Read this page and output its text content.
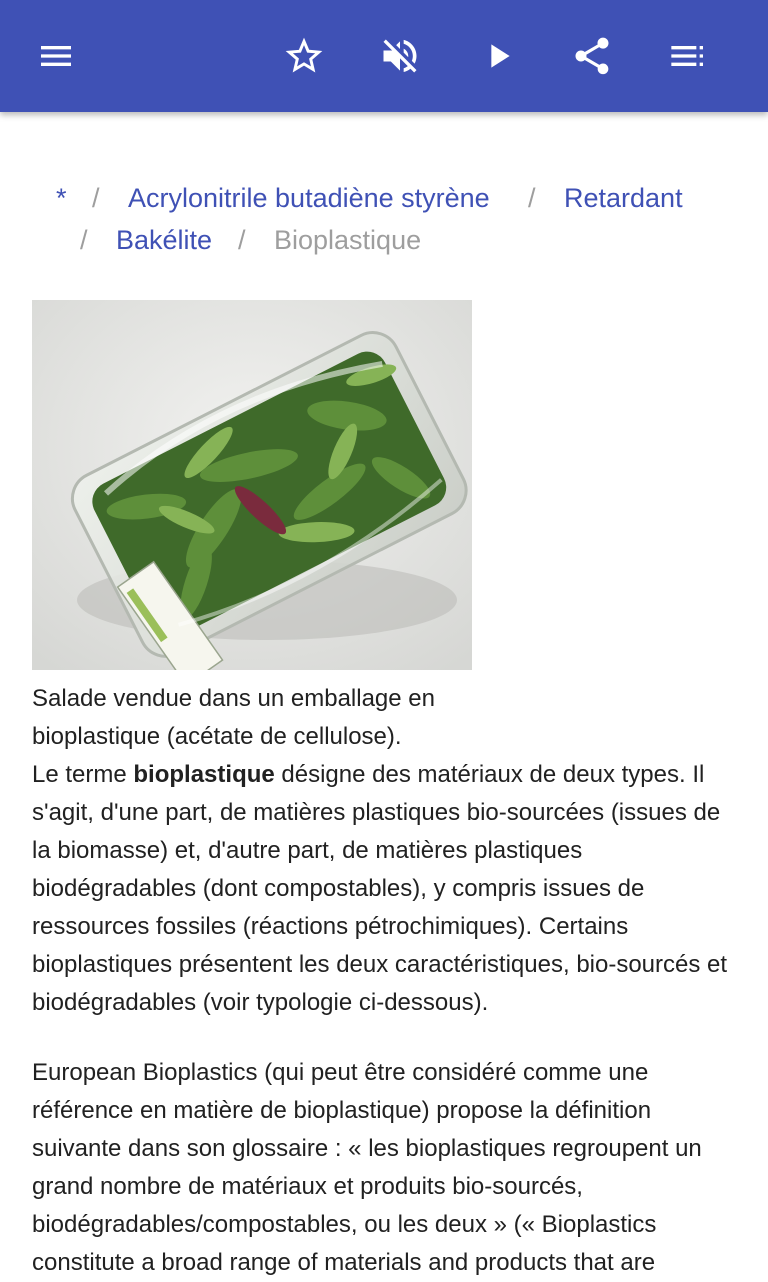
* / Acrylonitrile butadiène styrène / Retardant
/ Bakélite / Bioplastique
Salade vendue dans un emballage en bioplastique (acétate de cellulose).

Le terme bioplastique désigne des matériaux de deux types. Il s'agit, d'une part, de matières plastiques bio-sourcées (issues de la biomasse) et, d'autre part, de matières plastiques biodégradables (dont compostables), y compris issues de ressources fossiles (réactions pétrochimiques). Certains bioplastiques présentent les deux caractéristiques, bio-sourcés et biodégradables (voir typologie ci-dessous).

European Bioplastics (qui peut être considéré comme une référence en matière de bioplastique) propose la définition suivante dans son glossaire : « les bioplastiques regroupent un grand nombre de matériaux et produits bio-sourcés, biodégradables/compostables, ou les deux » (« Bioplastics constitute a broad range of materials and products that are
